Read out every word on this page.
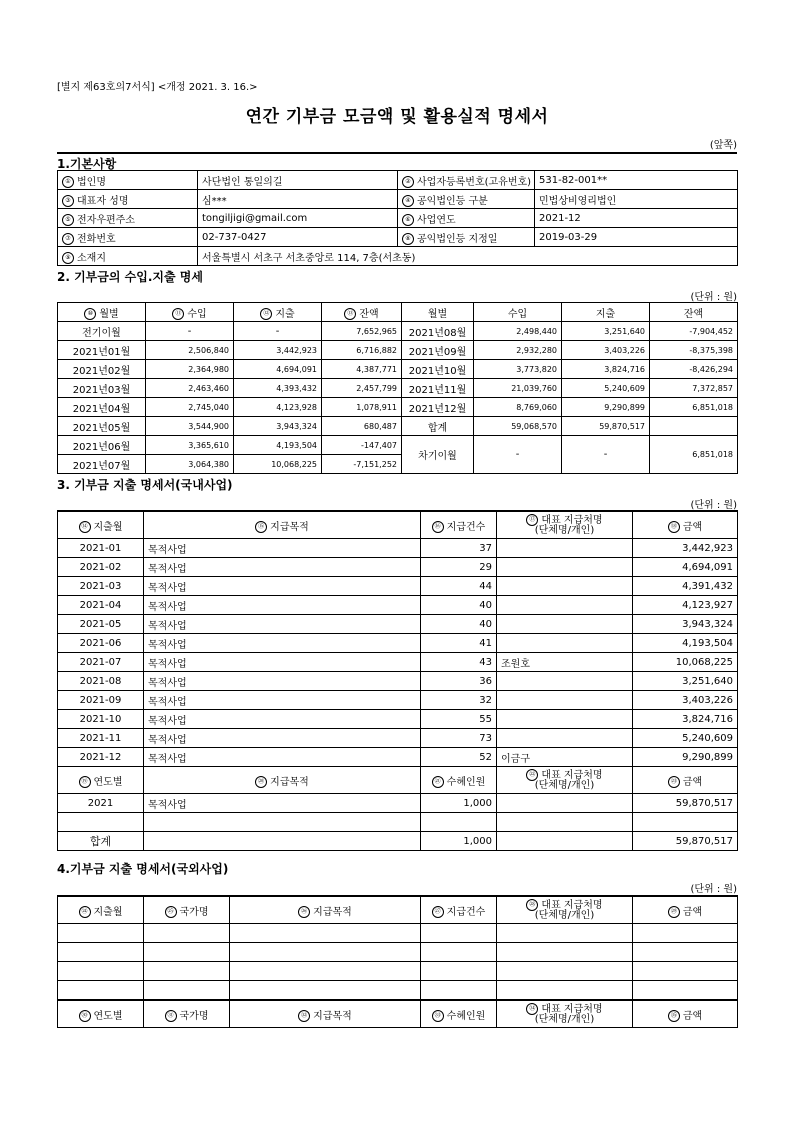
[별지 제63호의7서식] <개정 2021. 3. 16.>
연간 기부금 모금액 및 활용실적 명세서
(앞쪽)
1.기본사항
① 법인명	사단법인 통일의길	② 사업자등록번호(고유번호)	531-82-001**
③ 대표자 성명	심***	④ 공익법인등 구분	민법상비영리법인
⑤ 전자우편주소	tongiljigi@gmail.com	⑥ 사업연도	2021-12
⑦ 전화번호	02-737-0427	⑧ 공익법인등 지정일	2019-03-29
⑨ 소재지	서울특별시 서초구 서초중앙로 114, 7층(서초동)		
2. 기부금의 수입.지출 명세
(단위 : 원)
⑩ 월별	⑪ 수입	⑫ 지출	⑬ 잔액	월별	수입	지출	잔액
전기이월	-	-	7,652,965	2021년08월	2,498,440	3,251,640	-7,904,452
2021년01월	2,506,840	3,442,923	6,716,882	2021년09월	2,932,280	3,403,226	-8,375,398
2021년02월	2,364,980	4,694,091	4,387,771	2021년10월	3,773,820	3,824,716	-8,426,294
2021년03월	2,463,460	4,393,432	2,457,799	2021년11월	21,039,760	5,240,609	7,372,857
2021년04월	2,745,040	4,123,928	1,078,911	2021년12월	8,769,060	9,290,899	6,851,018
2021년05월	3,544,900	3,943,324	680,487	합계	59,068,570	59,870,517	
2021년06월	3,365,610	4,193,504	-147,407	차기이월	-	-	6,851,018
2021년07월	3,064,380	10,068,225	-7,151,252				
3. 기부금 지출 명세서(국내사업)
(단위 : 원)
⑭ 지출월	⑮ 지급목적	⑯ 지급건수	⑰ 대표 지급처명
(단체명/개인)	⑱ 금액
2021-01	목적사업	37		3,442,923
2021-02	목적사업	29		4,694,091
2021-03	목적사업	44		4,391,432
2021-04	목적사업	40		4,123,927
2021-05	목적사업	40		3,943,324
2021-06	목적사업	41		4,193,504
2021-07	목적사업	43	조원호	10,068,225
2021-08	목적사업	36		3,251,640
2021-09	목적사업	32		3,403,226
2021-10	목적사업	55		3,824,716
2021-11	목적사업	73		5,240,609
2021-12	목적사업	52	이금구	9,290,899
⑲ 연도별	⑳ 지급목적	㉑ 수혜인원	㉒ 대표 지급처명
(단체명/개인)	㉓ 금액
2021	목적사업	1,000		59,870,517

합계		1,000		59,870,517
4.기부금 지출 명세서(국외사업)
(단위 : 원)
㉔ 지출월	㉕ 국가명	㉖ 지급목적	㉗ 지급건수	㉘ 대표 지급처명
(단체명/개인)	㉙ 금액

㉚ 연도별	㉛ 국가명	㉜ 지급목적	㉝ 수혜인원	㉞ 대표 지급처명
(단체명/개인)	㉟ 금액
